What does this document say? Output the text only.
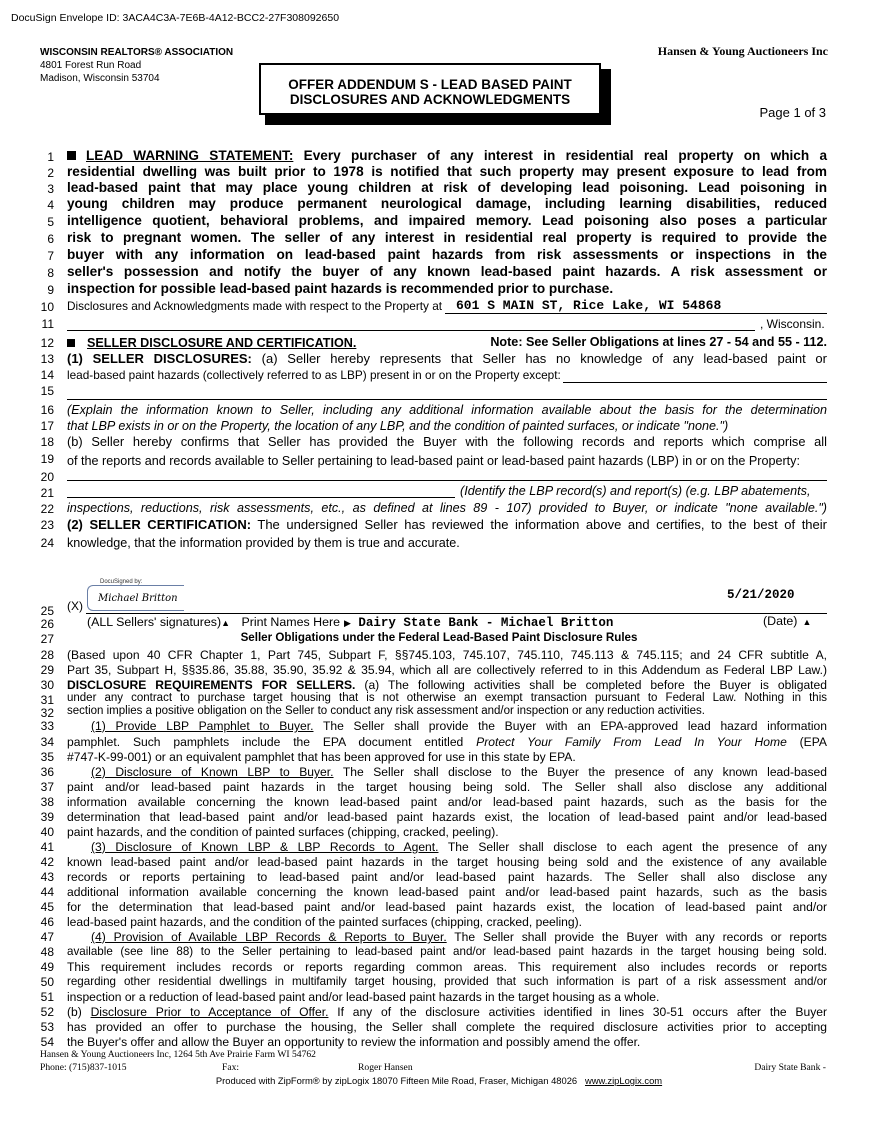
DocuSign Envelope ID: 3ACA4C3A-7E6B-4A12-BCC2-27F308092650
WISCONSIN REALTORS® ASSOCIATION
4801 Forest Run Road
Madison, Wisconsin 53704
Hansen & Young Auctioneers Inc
OFFER ADDENDUM S - LEAD BASED PAINT
DISCLOSURES AND ACKNOWLEDGMENTS
Page 1 of 3
1
2
3
4
5
6
7
8
9
10
11
12
13
14
15
16
17
18
19
20
21
22
23
24
25
26
27
28
29
30
31
32
33
34
35
36
37
38
39
40
41
42
43
44
45
46
47
48
49
50
51
52
53
54
LEAD WARNING STATEMENT: Every purchaser of any interest in residential real property on which a
residential dwelling was built prior to 1978 is notified that such property may present exposure to lead from
lead-based paint that may place young children at risk of developing lead poisoning. Lead poisoning in
young children may produce permanent neurological damage, including learning disabilities, reduced
intelligence quotient, behavioral problems, and impaired memory. Lead poisoning also poses a particular
risk to pregnant women. The seller of any interest in residential real property is required to provide the
buyer with any information on lead-based paint hazards from risk assessments or inspections in the
seller's possession and notify the buyer of any known lead-based paint hazards. A risk assessment or
inspection for possible lead-based paint hazards is recommended prior to purchase.
Disclosures and Acknowledgments made with respect to the Property at	601 S MAIN ST, Rice Lake, WI 54868
, Wisconsin.
SELLER DISCLOSURE AND CERTIFICATION.	Note: See Seller Obligations at lines 27 - 54 and 55 - 112.
(1) SELLER DISCLOSURES: (a) Seller hereby represents that Seller has no knowledge of any lead-based paint or
lead-based paint hazards (collectively referred to as LBP) present in or on the Property except:
(Explain the information known to Seller, including any additional information available about the basis for the determination
that LBP exists in or on the Property, the location of any LBP, and the condition of painted surfaces, or indicate "none.")
(b) Seller hereby confirms that Seller has provided the Buyer with the following records and reports which comprise all
of the reports and records available to Seller pertaining to lead-based paint or lead-based paint hazards (LBP) in or on the Property:
(Identify the LBP record(s) and report(s) (e.g. LBP abatements,
inspections, reductions, risk assessments, etc., as defined at lines 89 - 107) provided to Buyer, or indicate "none available.")
(2) SELLER CERTIFICATION: The undersigned Seller has reviewed the information above and certifies, to the best of their
knowledge, that the information provided by them is true and accurate.
DocuSigned by:
Michael Britton
(X)
5/21/2020
(ALL Sellers' signatures)▲ Print Names Here ▶ Dairy State Bank - Michael Britton	(Date) ▲
Seller Obligations under the Federal Lead-Based Paint Disclosure Rules
(Based upon 40 CFR Chapter 1, Part 745, Subpart F, §§745.103, 745.107, 745.110, 745.113 & 745.115; and 24 CFR subtitle A,
Part 35, Subpart H, §§35.86, 35.88, 35.90, 35.92 & 35.94, which all are collectively referred to in this Addendum as Federal LBP Law.)
DISCLOSURE REQUIREMENTS FOR SELLERS. (a) The following activities shall be completed before the Buyer is obligated
under any contract to purchase target housing that is not otherwise an exempt transaction pursuant to Federal Law. Nothing in this
section implies a positive obligation on the Seller to conduct any risk assessment and/or inspection or any reduction activities.
(1) Provide LBP Pamphlet to Buyer. The Seller shall provide the Buyer with an EPA-approved lead hazard information
pamphlet. Such pamphlets include the EPA document entitled Protect Your Family From Lead In Your Home (EPA
#747-K-99-001) or an equivalent pamphlet that has been approved for use in this state by EPA.
(2) Disclosure of Known LBP to Buyer. The Seller shall disclose to the Buyer the presence of any known lead-based
paint and/or lead-based paint hazards in the target housing being sold. The Seller shall also disclose any additional
information available concerning the known lead-based paint and/or lead-based paint hazards, such as the basis for the
determination that lead-based paint and/or lead-based paint hazards exist, the location of lead-based paint and/or lead-based
paint hazards, and the condition of painted surfaces (chipping, cracked, peeling).
(3) Disclosure of Known LBP & LBP Records to Agent. The Seller shall disclose to each agent the presence of any
known lead-based paint and/or lead-based paint hazards in the target housing being sold and the existence of any available
records or reports pertaining to lead-based paint and/or lead-based paint hazards. The Seller shall also disclose any
additional information available concerning the known lead-based paint and/or lead-based paint hazards, such as the basis
for the determination that lead-based paint and/or lead-based paint hazards exist, the location of lead-based paint and/or
lead-based paint hazards, and the condition of the painted surfaces (chipping, cracked, peeling).
(4) Provision of Available LBP Records & Reports to Buyer. The Seller shall provide the Buyer with any records or reports
available (see line 88) to the Seller pertaining to lead-based paint and/or lead-based paint hazards in the target housing being sold.
This requirement includes records or reports regarding common areas. This requirement also includes records or reports
regarding other residential dwellings in multifamily target housing, provided that such information is part of a risk assessment and/or
inspection or a reduction of lead-based paint and/or lead-based paint hazards in the target housing as a whole.
(b) Disclosure Prior to Acceptance of Offer. If any of the disclosure activities identified in lines 30-51 occurs after the Buyer
has provided an offer to purchase the housing, the Seller shall complete the required disclosure activities prior to accepting
the Buyer's offer and allow the Buyer an opportunity to review the information and possibly amend the offer.
Hansen & Young Auctioneers Inc, 1264 5th Ave Prairie Farm WI 54762
Phone: (715)837-1015	Fax:	Roger Hansen	Dairy State Bank -
Produced with ZipForm® by zipLogix 18070 Fifteen Mile Road, Fraser, Michigan 48026 www.zipLogix.com
